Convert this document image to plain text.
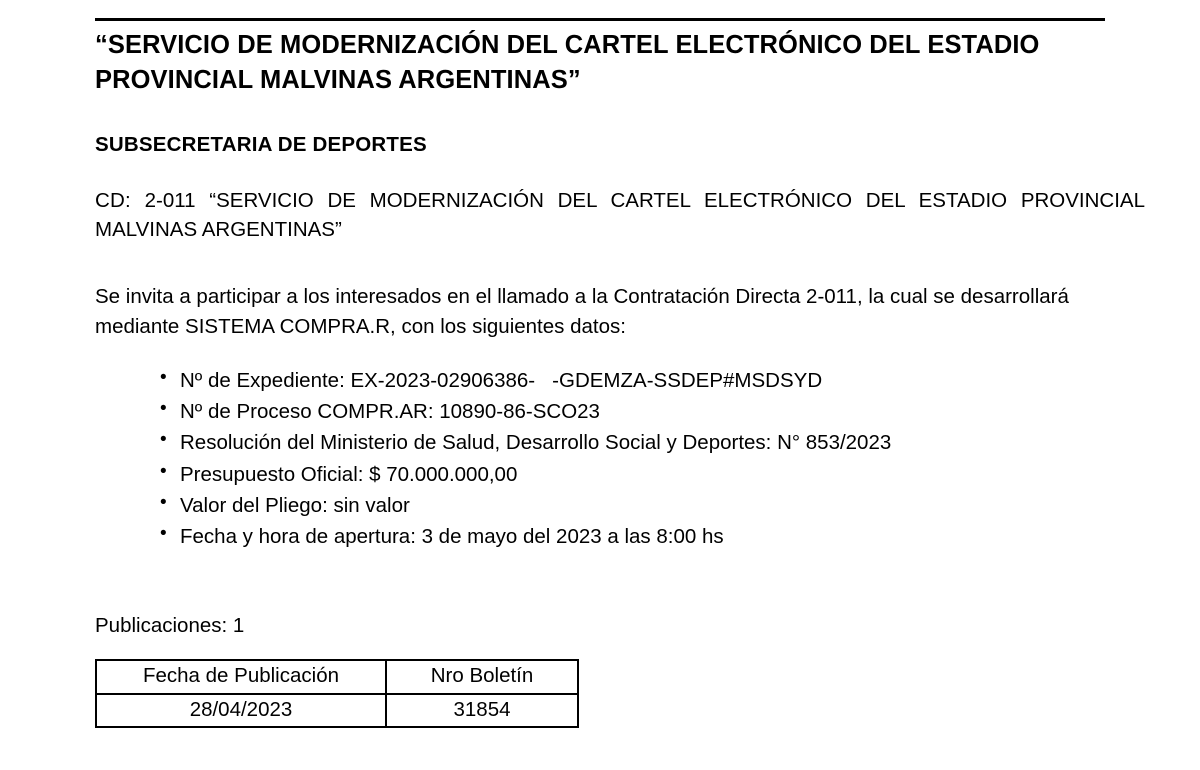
“SERVICIO DE MODERNIZACIÓN DEL CARTEL ELECTRÓNICO DEL ESTADIO PROVINCIAL MALVINAS ARGENTINAS”
SUBSECRETARIA DE DEPORTES
CD: 2-011 “SERVICIO DE MODERNIZACIÓN DEL CARTEL ELECTRÓNICO DEL ESTADIO PROVINCIAL MALVINAS ARGENTINAS”
Se invita a participar a los interesados en el llamado a la Contratación Directa 2-011, la cual se desarrollará mediante SISTEMA COMPRA.R, con los siguientes datos:
• Nº de Expediente: EX-2023-02906386-   -GDEMZA-SSDEP#MSDSYD
• Nº de Proceso COMPR.AR: 10890-86-SCO23
• Resolución del Ministerio de Salud, Desarrollo Social y Deportes: N° 853/2023
• Presupuesto Oficial: $ 70.000.000,00
• Valor del Pliego: sin valor
• Fecha y hora de apertura: 3 de mayo del 2023 a las 8:00 hs
Publicaciones: 1
Fecha de Publicación	Nro Boletín
28/04/2023	31854
